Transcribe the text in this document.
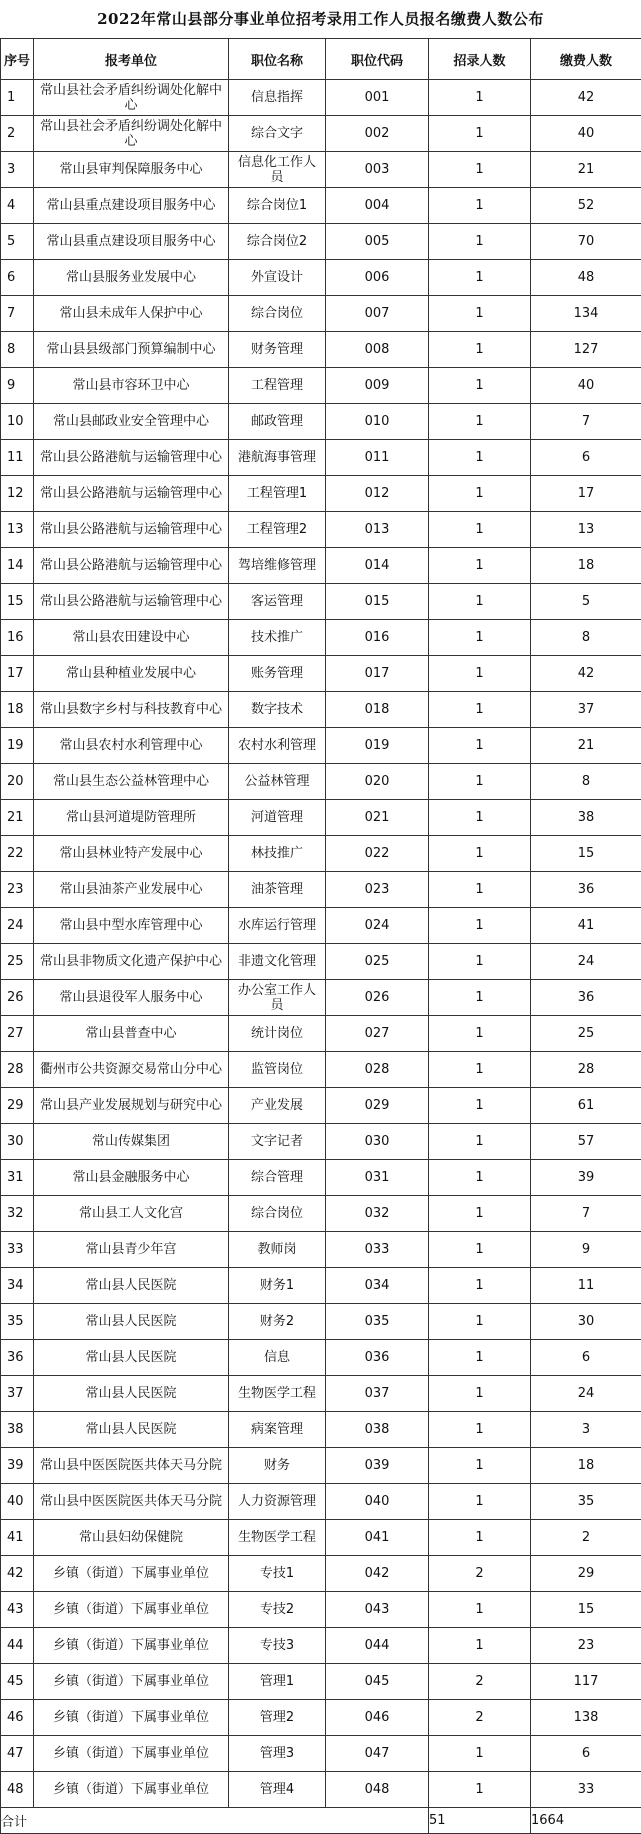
2022年常山县部分事业单位招考录用工作人员报名缴费人数公布
序号	报考单位	职位名称	职位代码	招录人数	缴费人数
1	常山县社会矛盾纠纷调处化解中心	信息指挥	001	1	42
2	常山县社会矛盾纠纷调处化解中心	综合文字	002	1	40
3	常山县审判保障服务中心	信息化工作人员	003	1	21
4	常山县重点建设项目服务中心	综合岗位1	004	1	52
5	常山县重点建设项目服务中心	综合岗位2	005	1	70
6	常山县服务业发展中心	外宣设计	006	1	48
7	常山县未成年人保护中心	综合岗位	007	1	134
8	常山县县级部门预算编制中心	财务管理	008	1	127
9	常山县市容环卫中心	工程管理	009	1	40
10	常山县邮政业安全管理中心	邮政管理	010	1	7
11	常山县公路港航与运输管理中心	港航海事管理	011	1	6
12	常山县公路港航与运输管理中心	工程管理1	012	1	17
13	常山县公路港航与运输管理中心	工程管理2	013	1	13
14	常山县公路港航与运输管理中心	驾培维修管理	014	1	18
15	常山县公路港航与运输管理中心	客运管理	015	1	5
16	常山县农田建设中心	技术推广	016	1	8
17	常山县种植业发展中心	账务管理	017	1	42
18	常山县数字乡村与科技教育中心	数字技术	018	1	37
19	常山县农村水利管理中心	农村水利管理	019	1	21
20	常山县生态公益林管理中心	公益林管理	020	1	8
21	常山县河道堤防管理所	河道管理	021	1	38
22	常山县林业特产发展中心	林技推广	022	1	15
23	常山县油茶产业发展中心	油茶管理	023	1	36
24	常山县中型水库管理中心	水库运行管理	024	1	41
25	常山县非物质文化遗产保护中心	非遗文化管理	025	1	24
26	常山县退役军人服务中心	办公室工作人员	026	1	36
27	常山县普查中心	统计岗位	027	1	25
28	衢州市公共资源交易常山分中心	监管岗位	028	1	28
29	常山县产业发展规划与研究中心	产业发展	029	1	61
30	常山传媒集团	文字记者	030	1	57
31	常山县金融服务中心	综合管理	031	1	39
32	常山县工人文化宫	综合岗位	032	1	7
33	常山县青少年宫	教师岗	033	1	9
34	常山县人民医院	财务1	034	1	11
35	常山县人民医院	财务2	035	1	30
36	常山县人民医院	信息	036	1	6
37	常山县人民医院	生物医学工程	037	1	24
38	常山县人民医院	病案管理	038	1	3
39	常山县中医医院医共体天马分院	财务	039	1	18
40	常山县中医医院医共体天马分院	人力资源管理	040	1	35
41	常山县妇幼保健院	生物医学工程	041	1	2
42	乡镇（街道）下属事业单位	专技1	042	2	29
43	乡镇（街道）下属事业单位	专技2	043	1	15
44	乡镇（街道）下属事业单位	专技3	044	1	23
45	乡镇（街道）下属事业单位	管理1	045	2	117
46	乡镇（街道）下属事业单位	管理2	046	2	138
47	乡镇（街道）下属事业单位	管理3	047	1	6
48	乡镇（街道）下属事业单位	管理4	048	1	33
合计				51	1664
